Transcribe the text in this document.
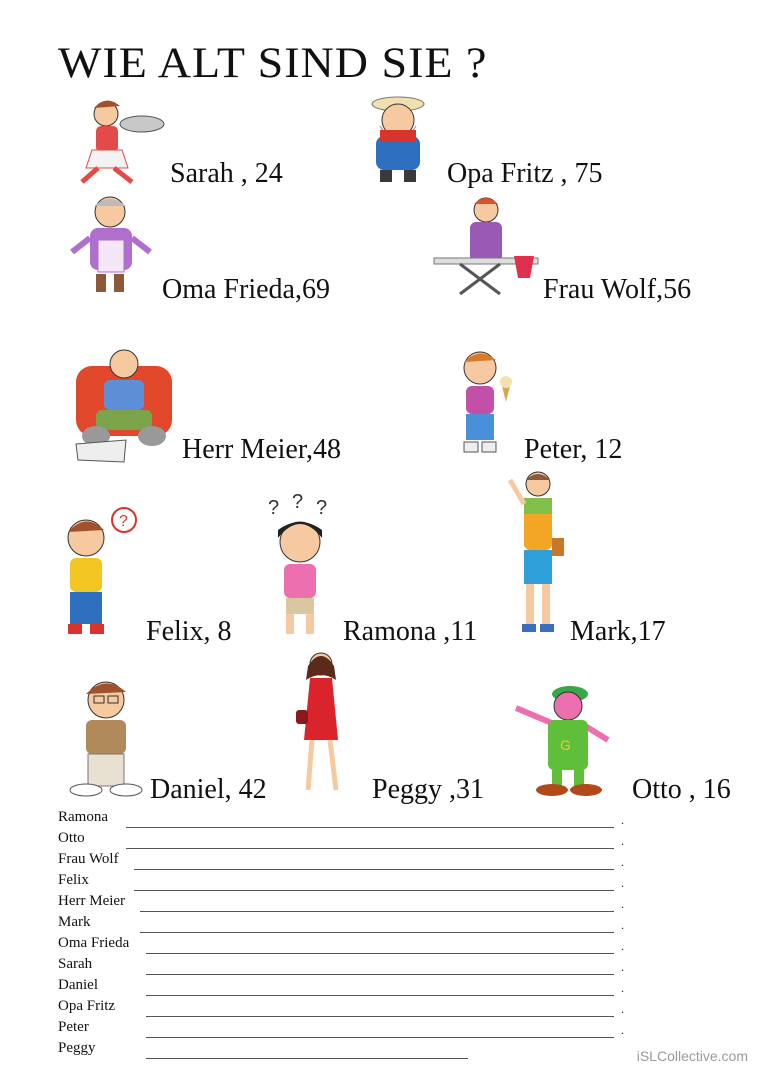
WIE ALT SIND SIE ?
Sarah , 24	Opa Fritz , 75
Oma Frieda,69	Frau Wolf,56
Herr Meier,48	Peter, 12
?
Felix, 8
? ? ?
Ramona ,11	Mark,17
Daniel, 42	Peggy ,31
G
Otto , 16
Ramona	.
Otto	.
Frau Wolf	.
Felix	.
Herr Meier	.
Mark	.
Oma Frieda	.
Sarah	.
Daniel	.
Opa Fritz	.
Peter	.
Peggy	iSLCollective.com
